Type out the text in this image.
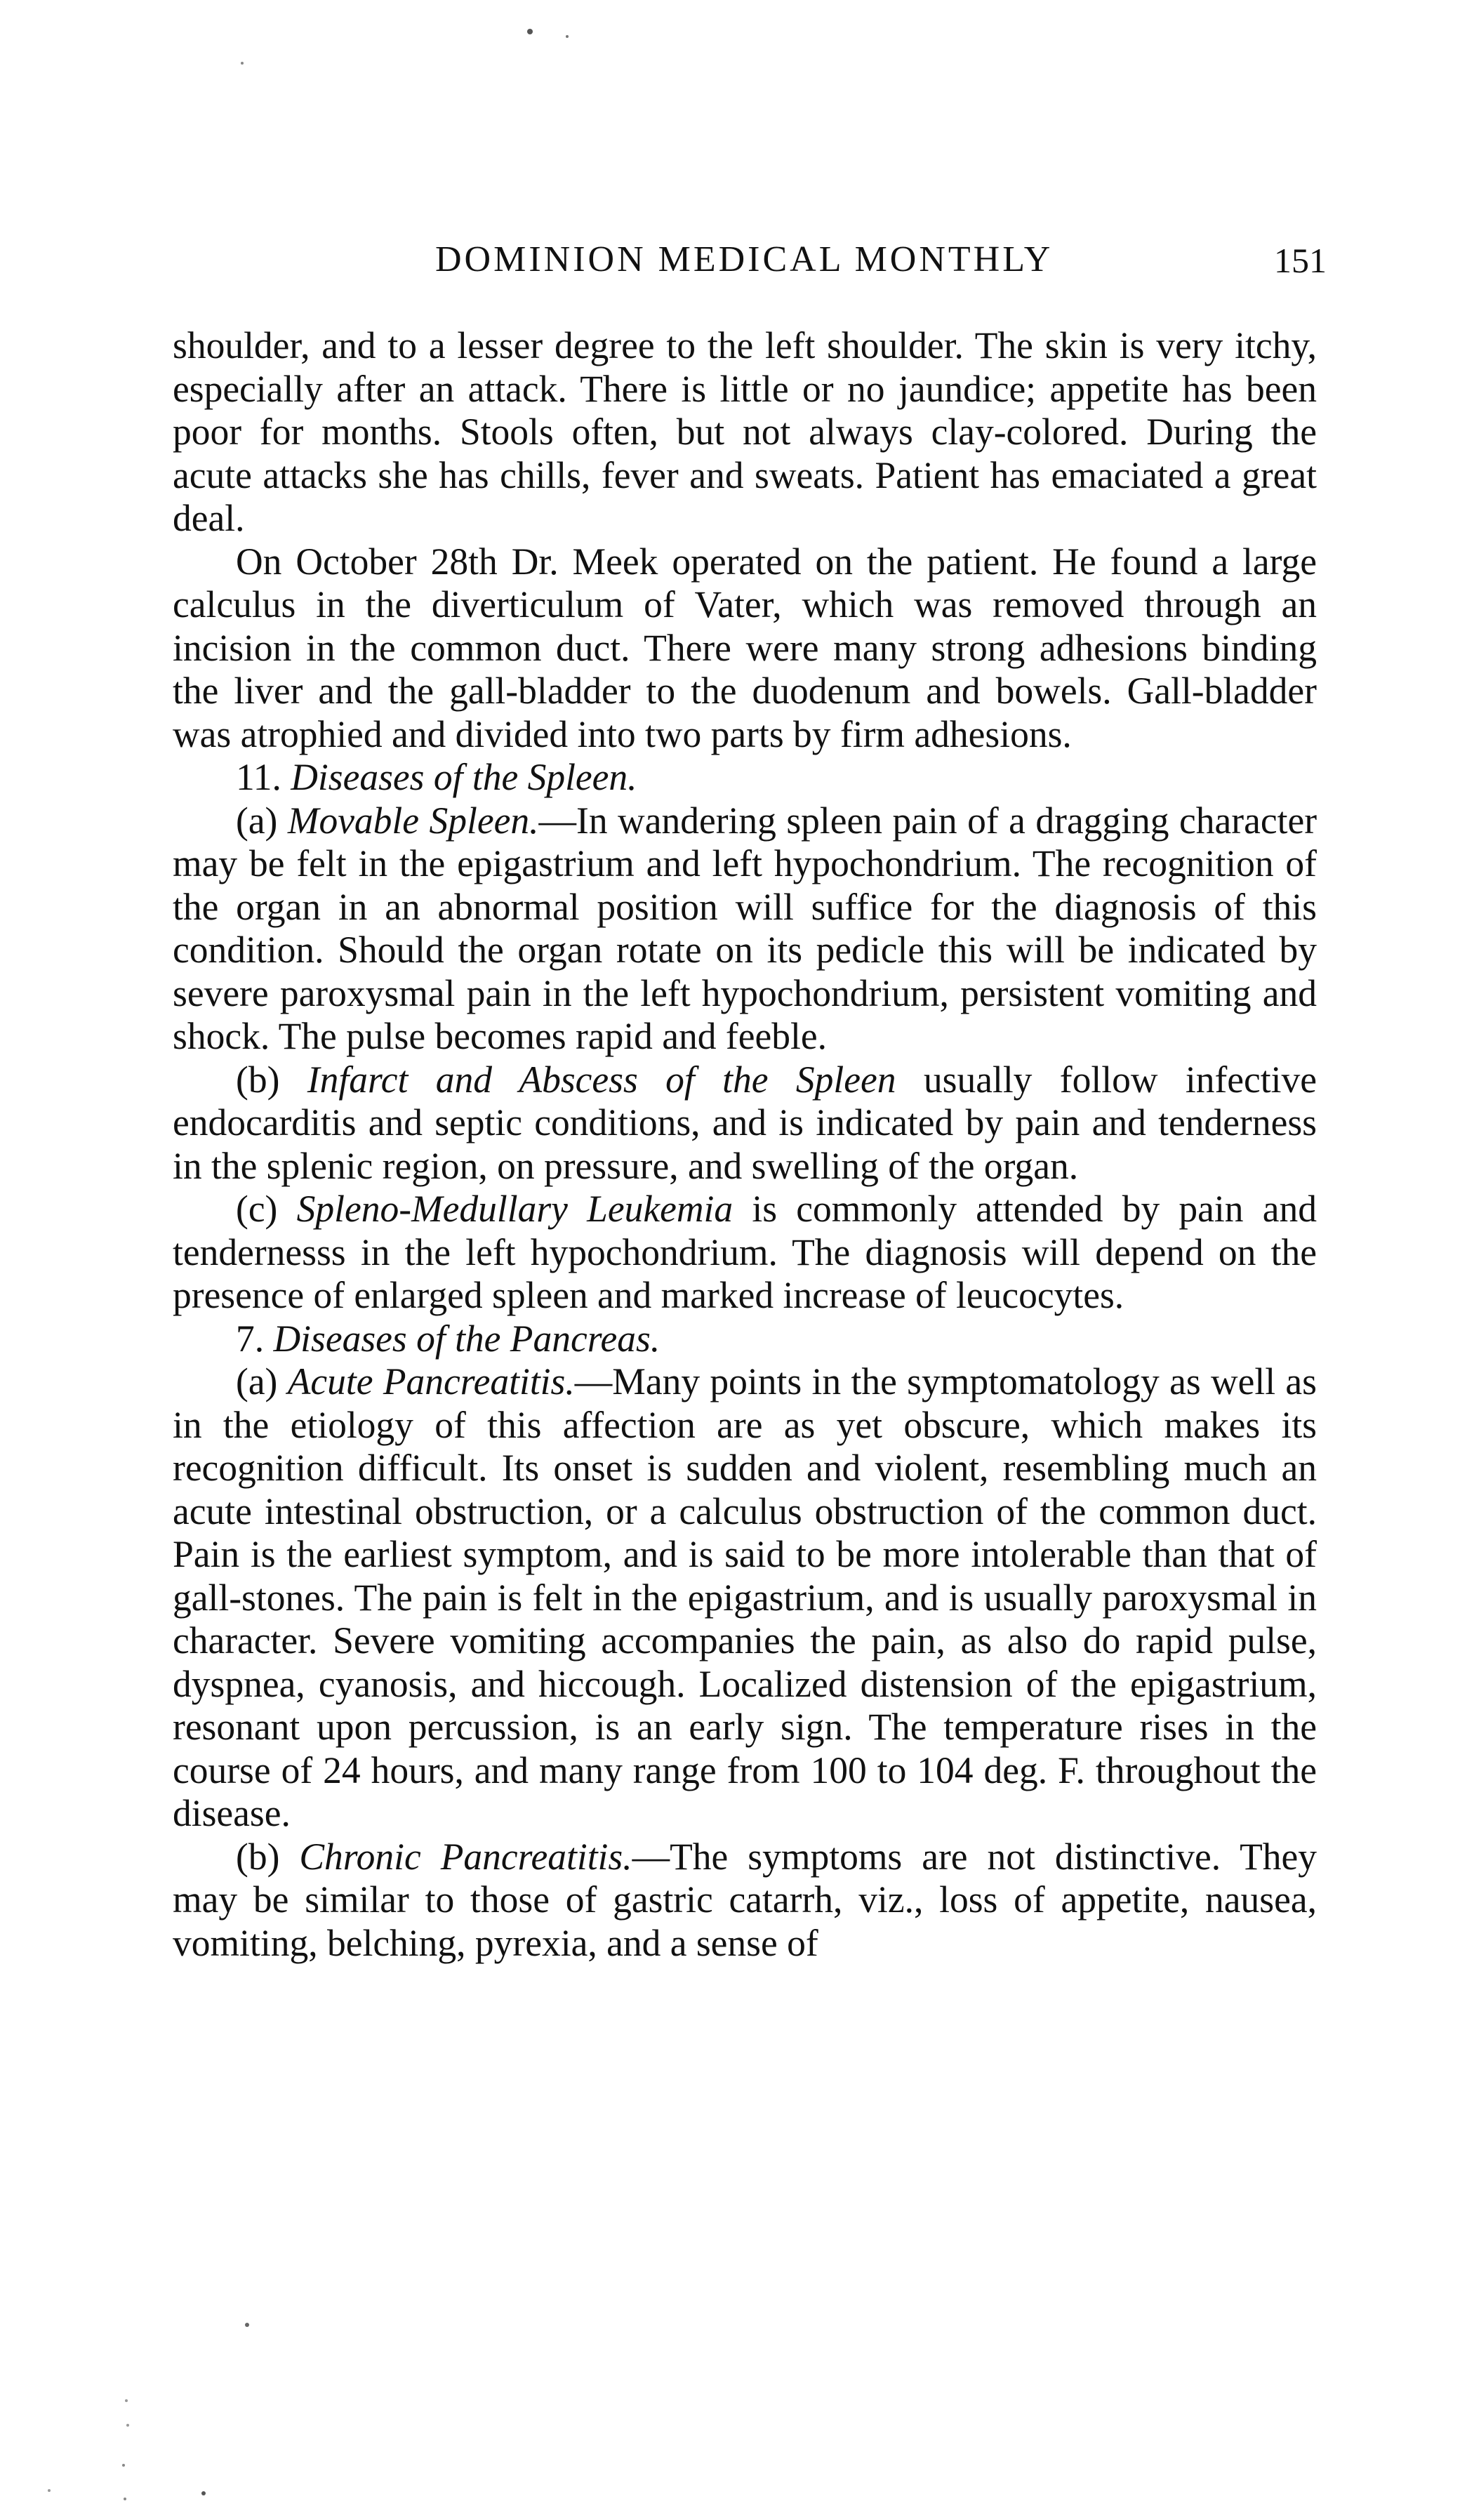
DOMINION MEDICAL MONTHLY	151

shoulder, and to a lesser degree to the left shoulder. The skin is very itchy, especially after an attack. There is little or no jaundice; appetite has been poor for months. Stools often, but not always clay-colored. During the acute attacks she has chills, fever and sweats. Patient has emaciated a great deal.

On October 28th Dr. Meek operated on the patient. He found a large calculus in the diverticulum of Vater, which was removed through an incision in the common duct. There were many strong adhesions binding the liver and the gall-bladder to the duodenum and bowels. Gall-bladder was atrophied and divided into two parts by firm adhesions.

11. Diseases of the Spleen.

(a) Movable Spleen.—In wandering spleen pain of a dragging character may be felt in the epigastrium and left hypochondrium. The recognition of the organ in an abnormal position will suffice for the diagnosis of this condition. Should the organ rotate on its pedicle this will be indicated by severe paroxysmal pain in the left hypochondrium, persistent vomiting and shock. The pulse becomes rapid and feeble.

(b) Infarct and Abscess of the Spleen usually follow infective endocarditis and septic conditions, and is indicated by pain and tenderness in the splenic region, on pressure, and swelling of the organ.

(c) Spleno-Medullary Leukemia is commonly attended by pain and tendernesss in the left hypochondrium. The diagnosis will depend on the presence of enlarged spleen and marked increase of leucocytes.

7. Diseases of the Pancreas.

(a) Acute Pancreatitis.—Many points in the symptomatology as well as in the etiology of this affection are as yet obscure, which makes its recognition difficult. Its onset is sudden and violent, resembling much an acute intestinal obstruction, or a calculus obstruction of the common duct. Pain is the earliest symptom, and is said to be more intolerable than that of gall-stones. The pain is felt in the epigastrium, and is usually paroxysmal in character. Severe vomiting accompanies the pain, as also do rapid pulse, dyspnea, cyanosis, and hiccough. Localized distension of the epigastrium, resonant upon percussion, is an early sign. The temperature rises in the course of 24 hours, and many range from 100 to 104 deg. F. throughout the disease.

(b) Chronic Pancreatitis.—The symptoms are not distinctive. They may be similar to those of gastric catarrh, viz., loss of appetite, nausea, vomiting, belching, pyrexia, and a sense of
